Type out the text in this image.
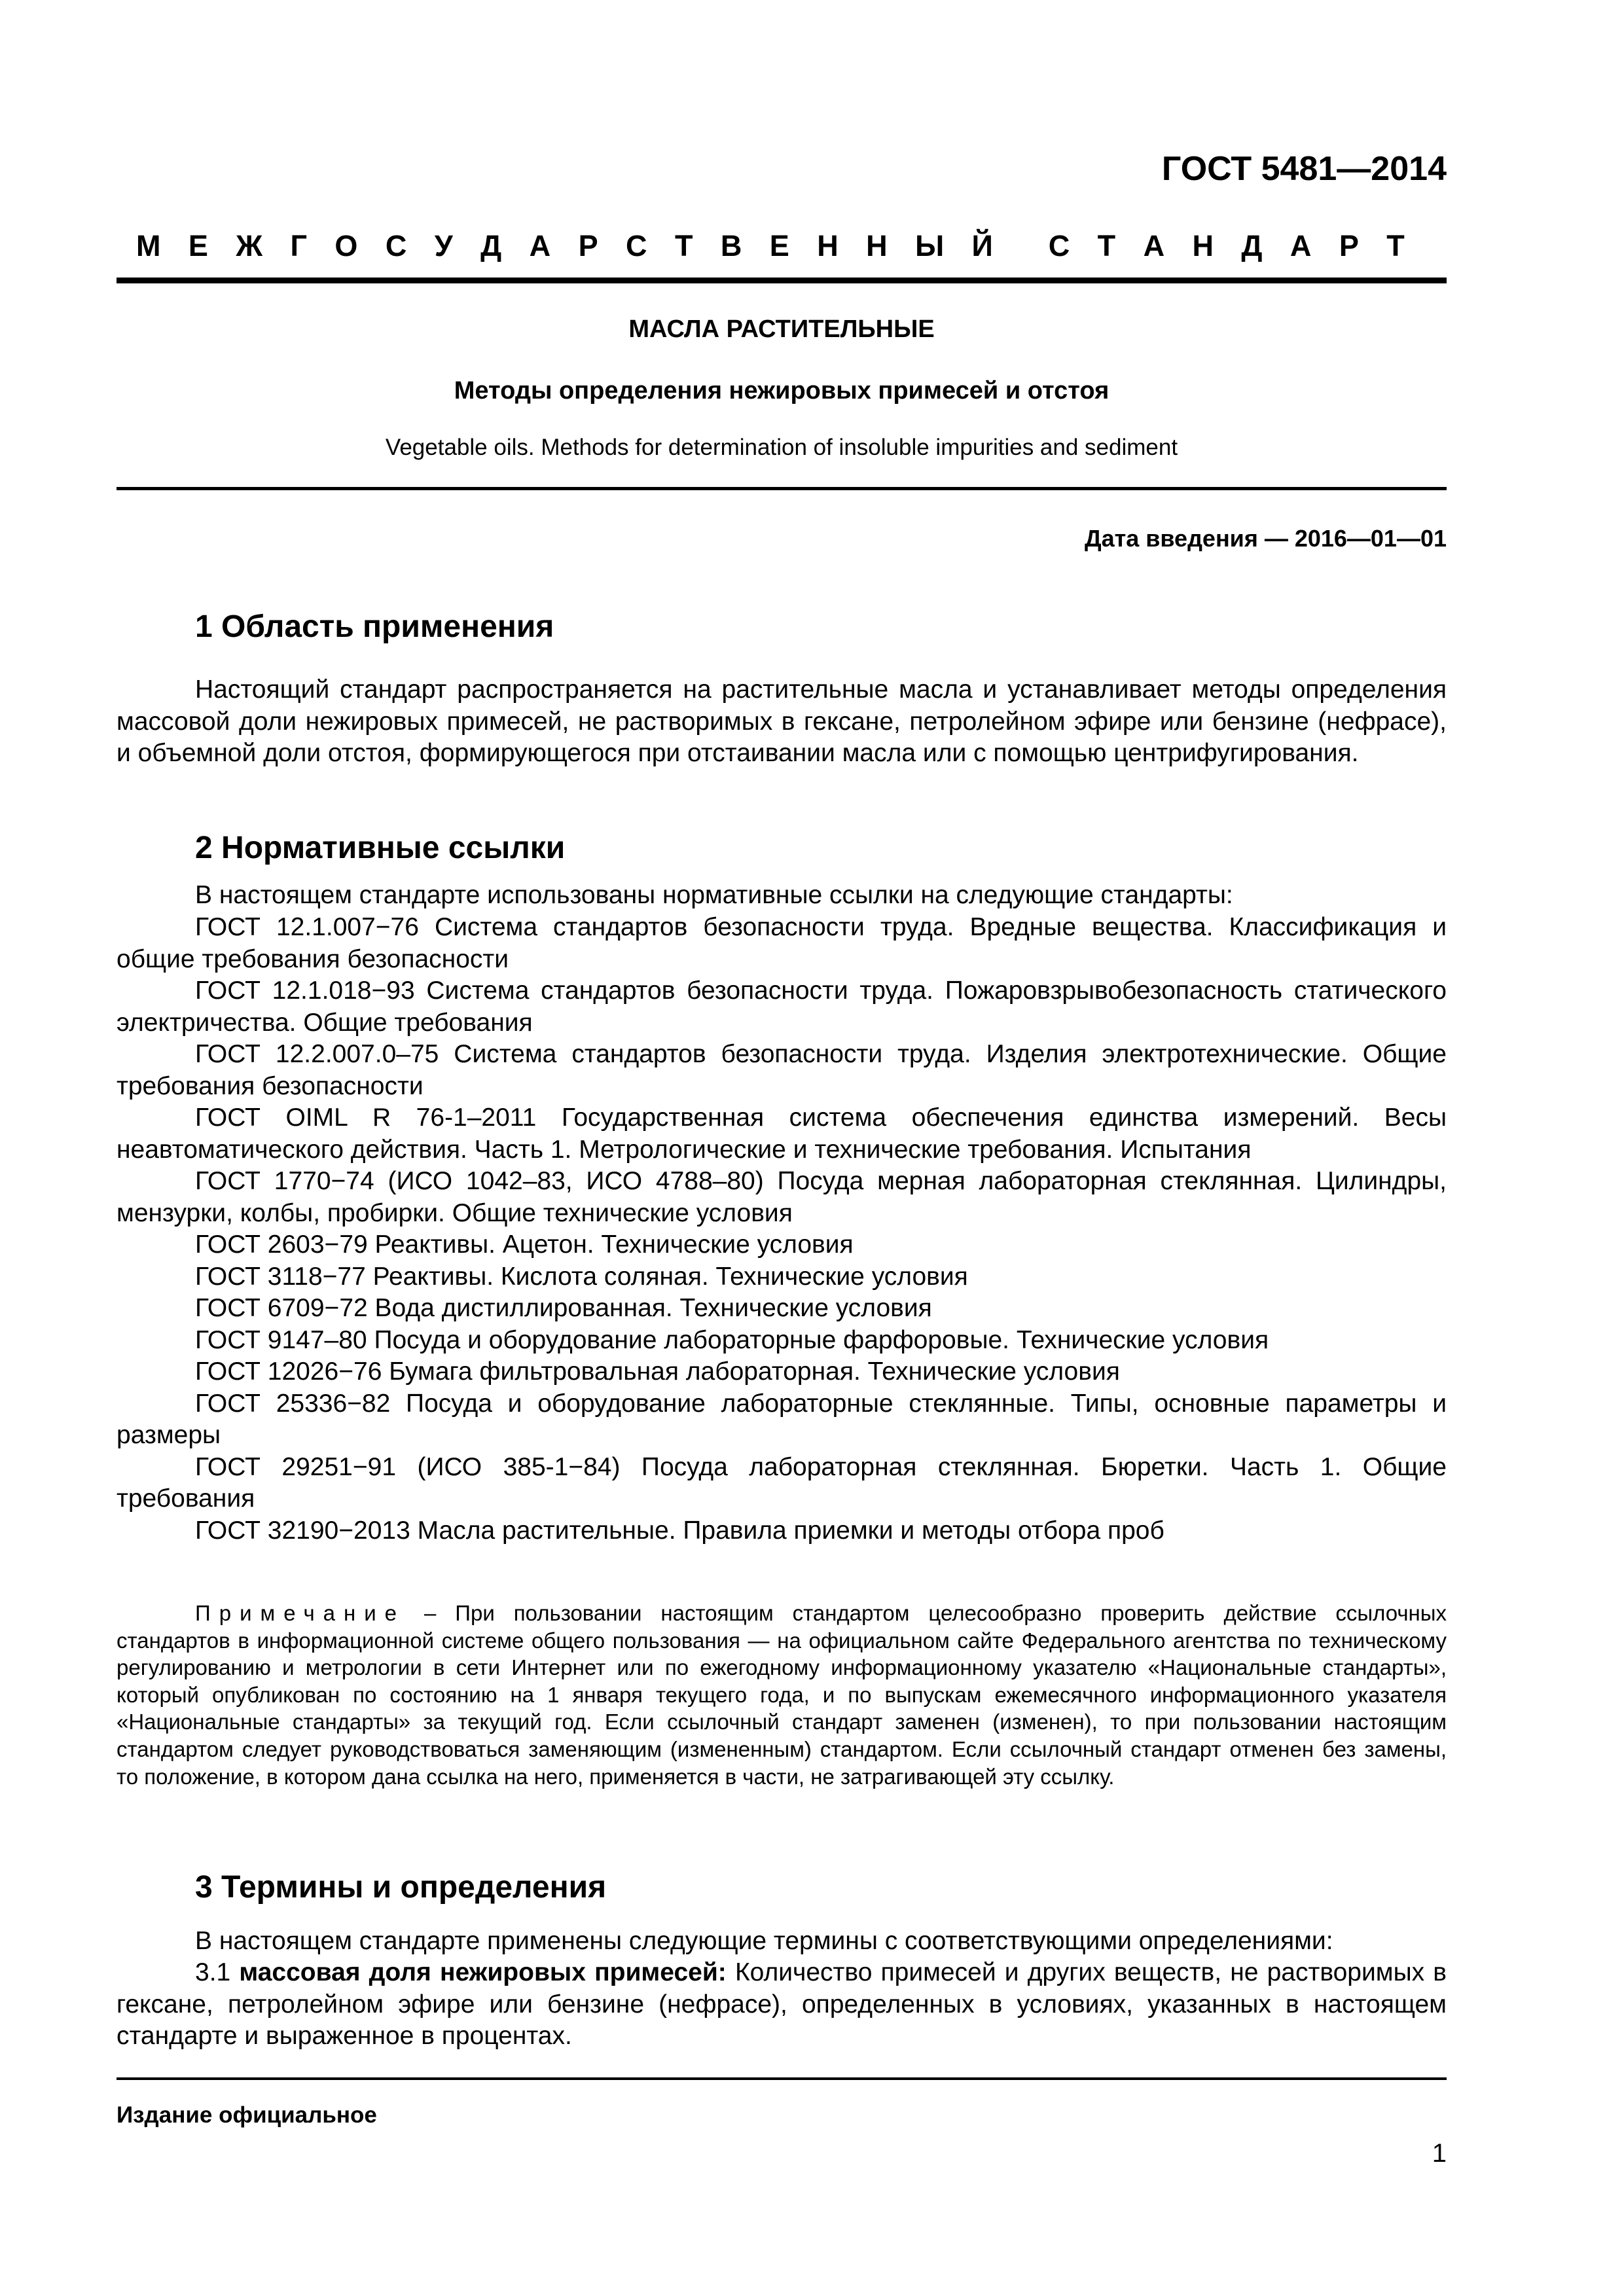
ГОСТ 5481—2014
М Е Ж Г О С У Д А Р С Т В Е Н Н Ы Й С Т А Н Д А Р Т
МАСЛА РАСТИТЕЛЬНЫЕ
Методы определения нежировых примесей и отстоя
Vegetable oils. Methods for determination of insoluble impurities and sediment
Дата введения — 2016—01—01
1 Область применения

Настоящий стандарт распространяется на растительные масла и устанавливает методы определения массовой доли нежировых примесей, не растворимых в гексане, петролейном эфире или бензине (нефрасе), и объемной доли отстоя, формирующегося при отстаивании масла или с помощью центрифугирования.

2 Нормативные ссылки

В настоящем стандарте использованы нормативные ссылки на следующие стандарты:

ГОСТ 12.1.007−76 Система стандартов безопасности труда. Вредные вещества. Классификация и общие требования безопасности
ГОСТ 12.1.018−93 Система стандартов безопасности труда. Пожаровзрывобезопасность статического электричества. Общие требования
ГОСТ 12.2.007.0–75 Система стандартов безопасности труда. Изделия электротехнические. Общие требования безопасности
ГОСТ OIML R 76-1–2011 Государственная система обеспечения единства измерений. Весы неавтоматического действия. Часть 1. Метрологические и технические требования. Испытания
ГОСТ 1770−74 (ИСО 1042–83, ИСО 4788–80) Посуда мерная лабораторная стеклянная. Цилиндры, мензурки, колбы, пробирки. Общие технические условия
ГОСТ 2603−79 Реактивы. Ацетон. Технические условия
ГОСТ 3118−77 Реактивы. Кислота соляная. Технические условия
ГОСТ 6709−72 Вода дистиллированная. Технические условия
ГОСТ 9147–80 Посуда и оборудование лабораторные фарфоровые. Технические условия
ГОСТ 12026−76 Бумага фильтровальная лабораторная. Технические условия
ГОСТ 25336−82 Посуда и оборудование лабораторные стеклянные. Типы, основные параметры и размеры
ГОСТ 29251−91 (ИСО 385-1−84) Посуда лабораторная стеклянная. Бюретки. Часть 1. Общие требования
ГОСТ 32190−2013 Масла растительные. Правила приемки и методы отбора проб

Примечание – При пользовании настоящим стандартом целесообразно проверить действие ссылочных стандартов в информационной системе общего пользования — на официальном сайте Федерального агентства по техническому регулированию и метрологии в сети Интернет или по ежегодному информационному указателю «Национальные стандарты», который опубликован по состоянию на 1 января текущего года, и по выпускам ежемесячного информационного указателя «Национальные стандарты» за текущий год. Если ссылочный стандарт заменен (изменен), то при пользовании настоящим стандартом следует руководствоваться заменяющим (измененным) стандартом. Если ссылочный стандарт отменен без замены, то положение, в котором дана ссылка на него, применяется в части, не затрагивающей эту ссылку.

3 Термины и определения

В настоящем стандарте применены следующие термины с соответствующими определениями:

3.1 массовая доля нежировых примесей: Количество примесей и других веществ, не растворимых в гексане, петролейном эфире или бензине (нефрасе), определенных в условиях, указанных в настоящем стандарте и выраженное в процентах.

Издание официальное
1
